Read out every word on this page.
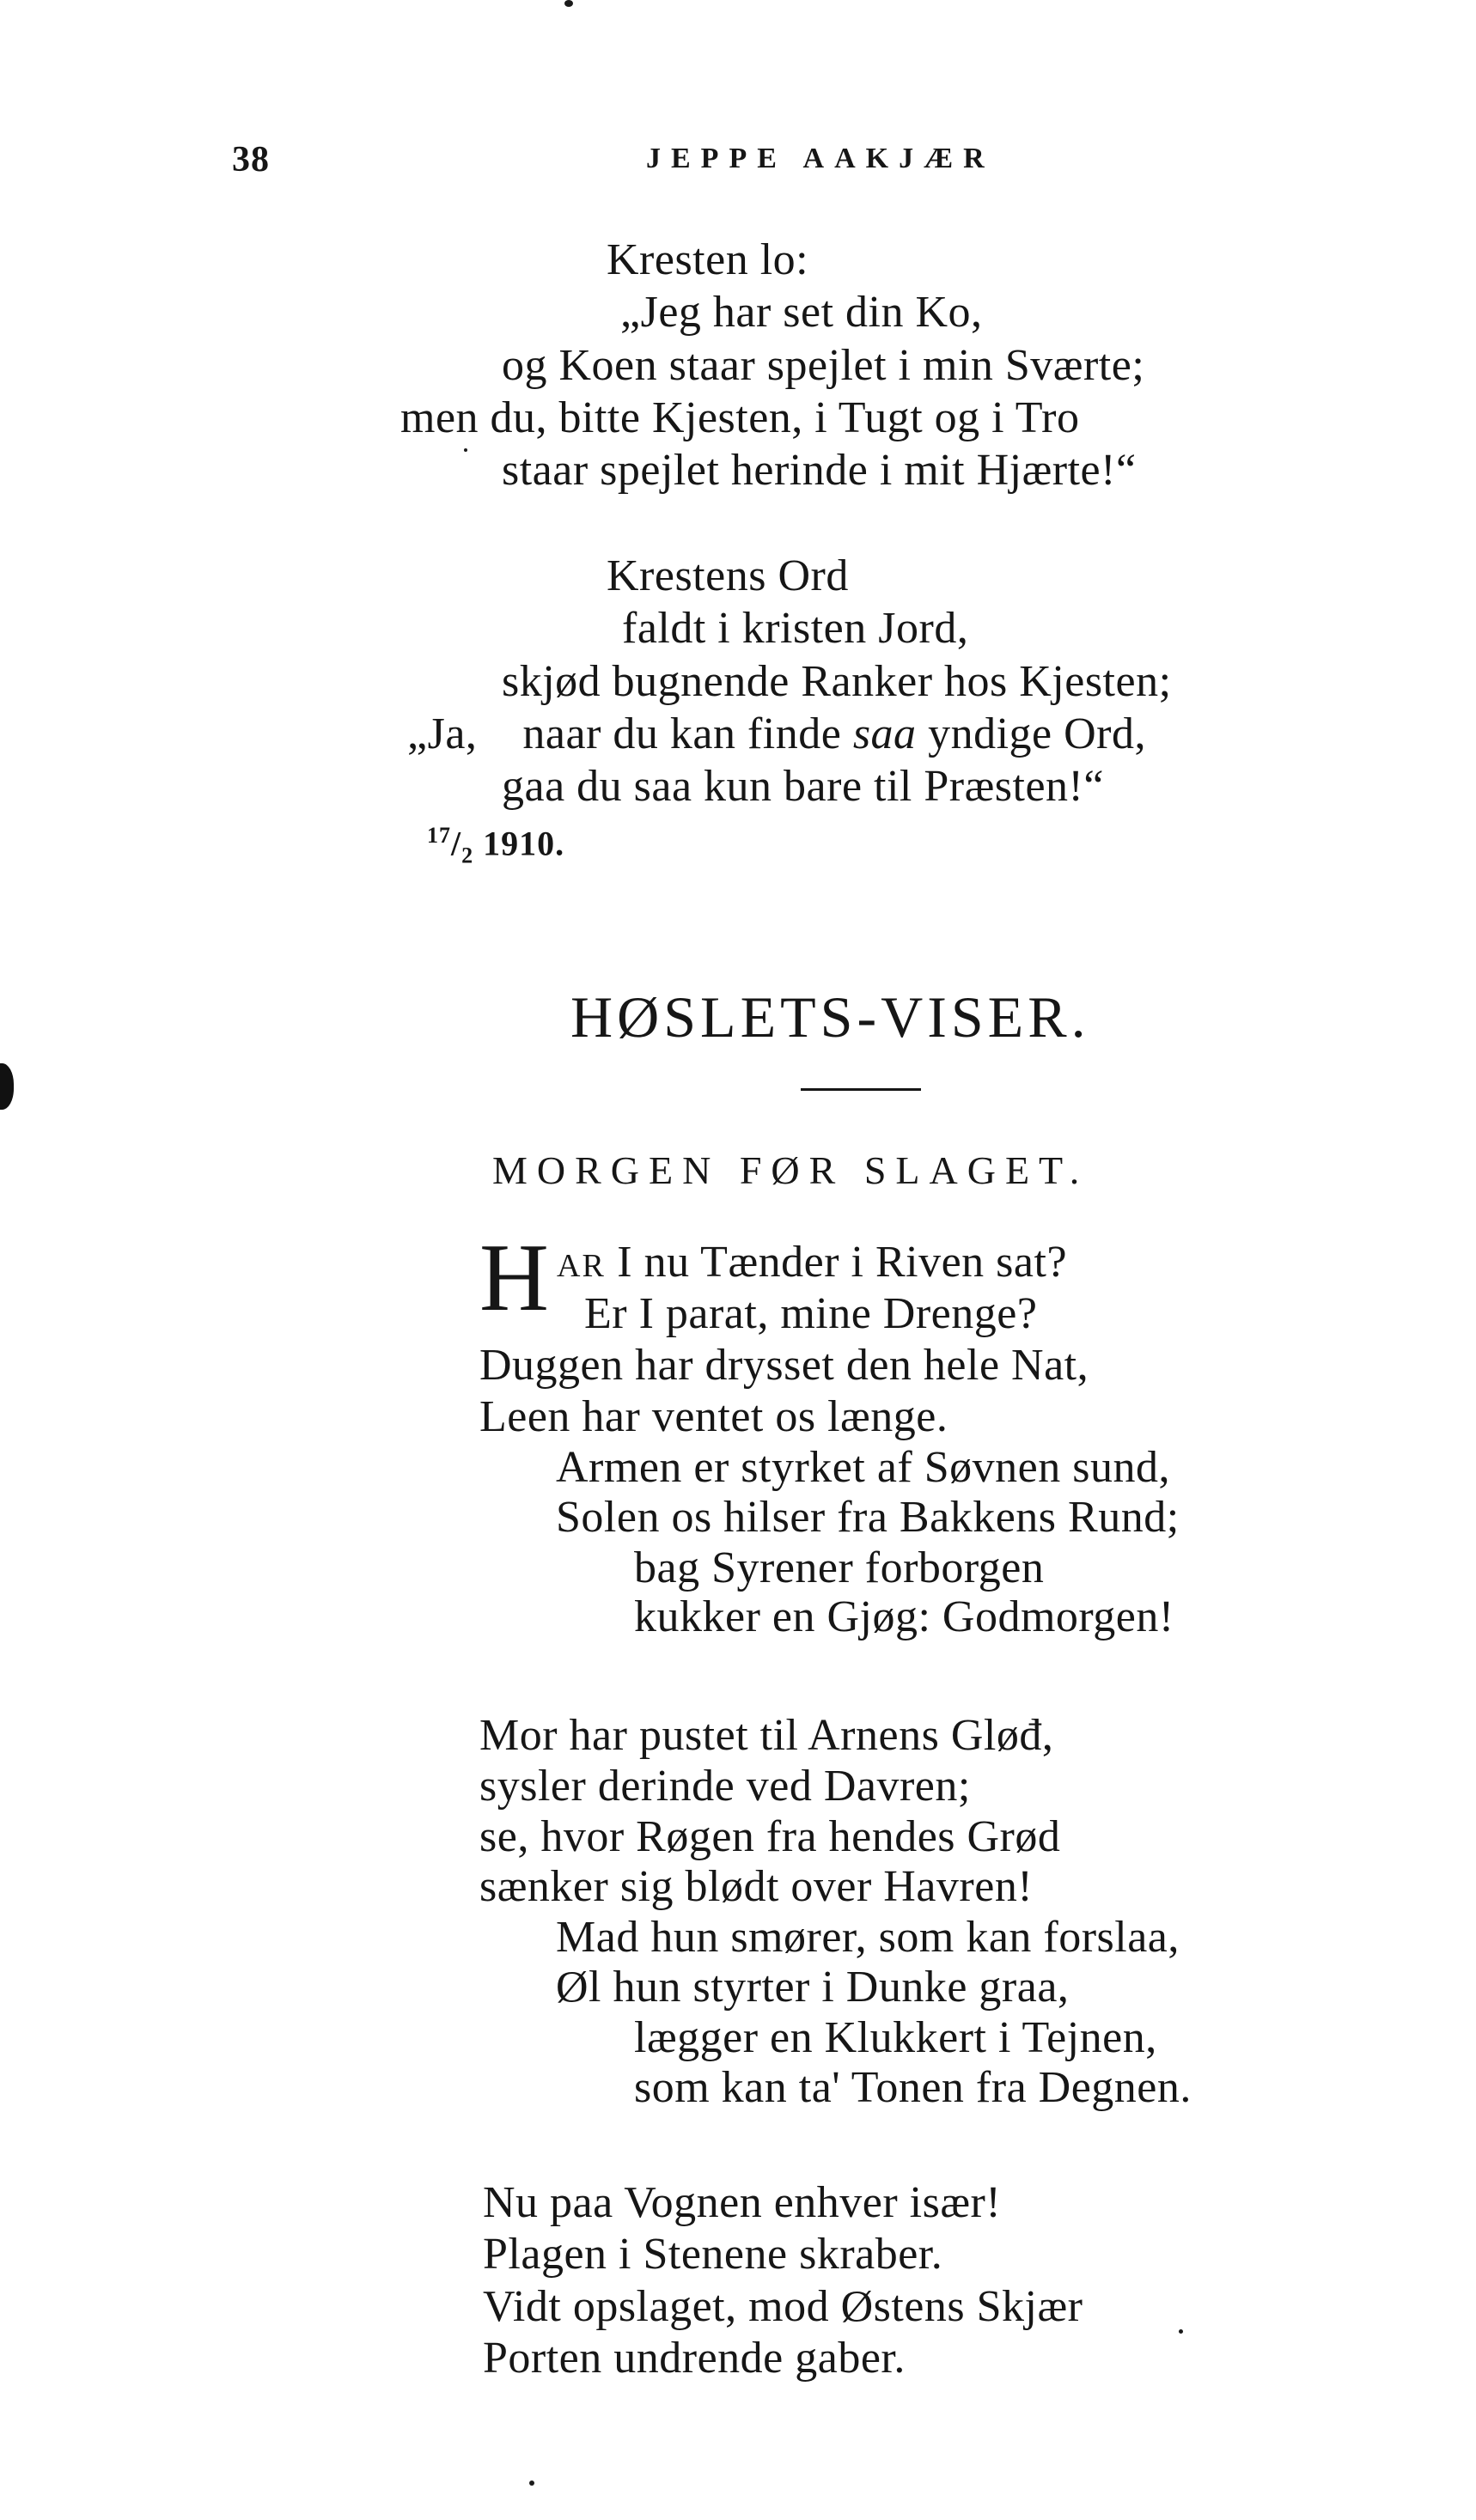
38	JEPPE AAKJÆR
Kresten lo:
„Jeg har set din Ko,
og Koen staar spejlet i min Sværte;
men du, bitte Kjesten, i Tugt og i Tro
staar spejlet herinde i mit Hjærte!“
Krestens Ord
faldt i kristen Jord,
skjød bugnende Ranker hos Kjesten;
„Ja, naar du kan finde saa yndige Ord,
gaa du saa kun bare til Præsten!“
$^{17}/_2$ 1910.
HØSLETS-VISER.
MORGEN FØR SLAGET.
H AR I nu Tænder i Riven sat?
Er I parat, mine Drenge?
Duggen har drysset den hele Nat,
Leen har ventet os længe.
Armen er styrket af Søvnen sund,
Solen os hilser fra Bakkens Rund;
bag Syrener forborgen
kukker en Gjøg: Godmorgen!
Mor har pustet til Arnens Gløđ,
sysler derinde ved Davren;
se, hvor Røgen fra hendes Grød
sænker sig blødt over Havren!
Mad hun smører, som kan forslaa,
Øl hun styrter i Dunke graa,
lægger en Klukkert i Tejnen,
som kan ta' Tonen fra Degnen.
Nu paa Vognen enhver især!
Plagen i Stenene skraber.
Vidt opslaget, mod Østens Skjær
Porten undrende gaber.
